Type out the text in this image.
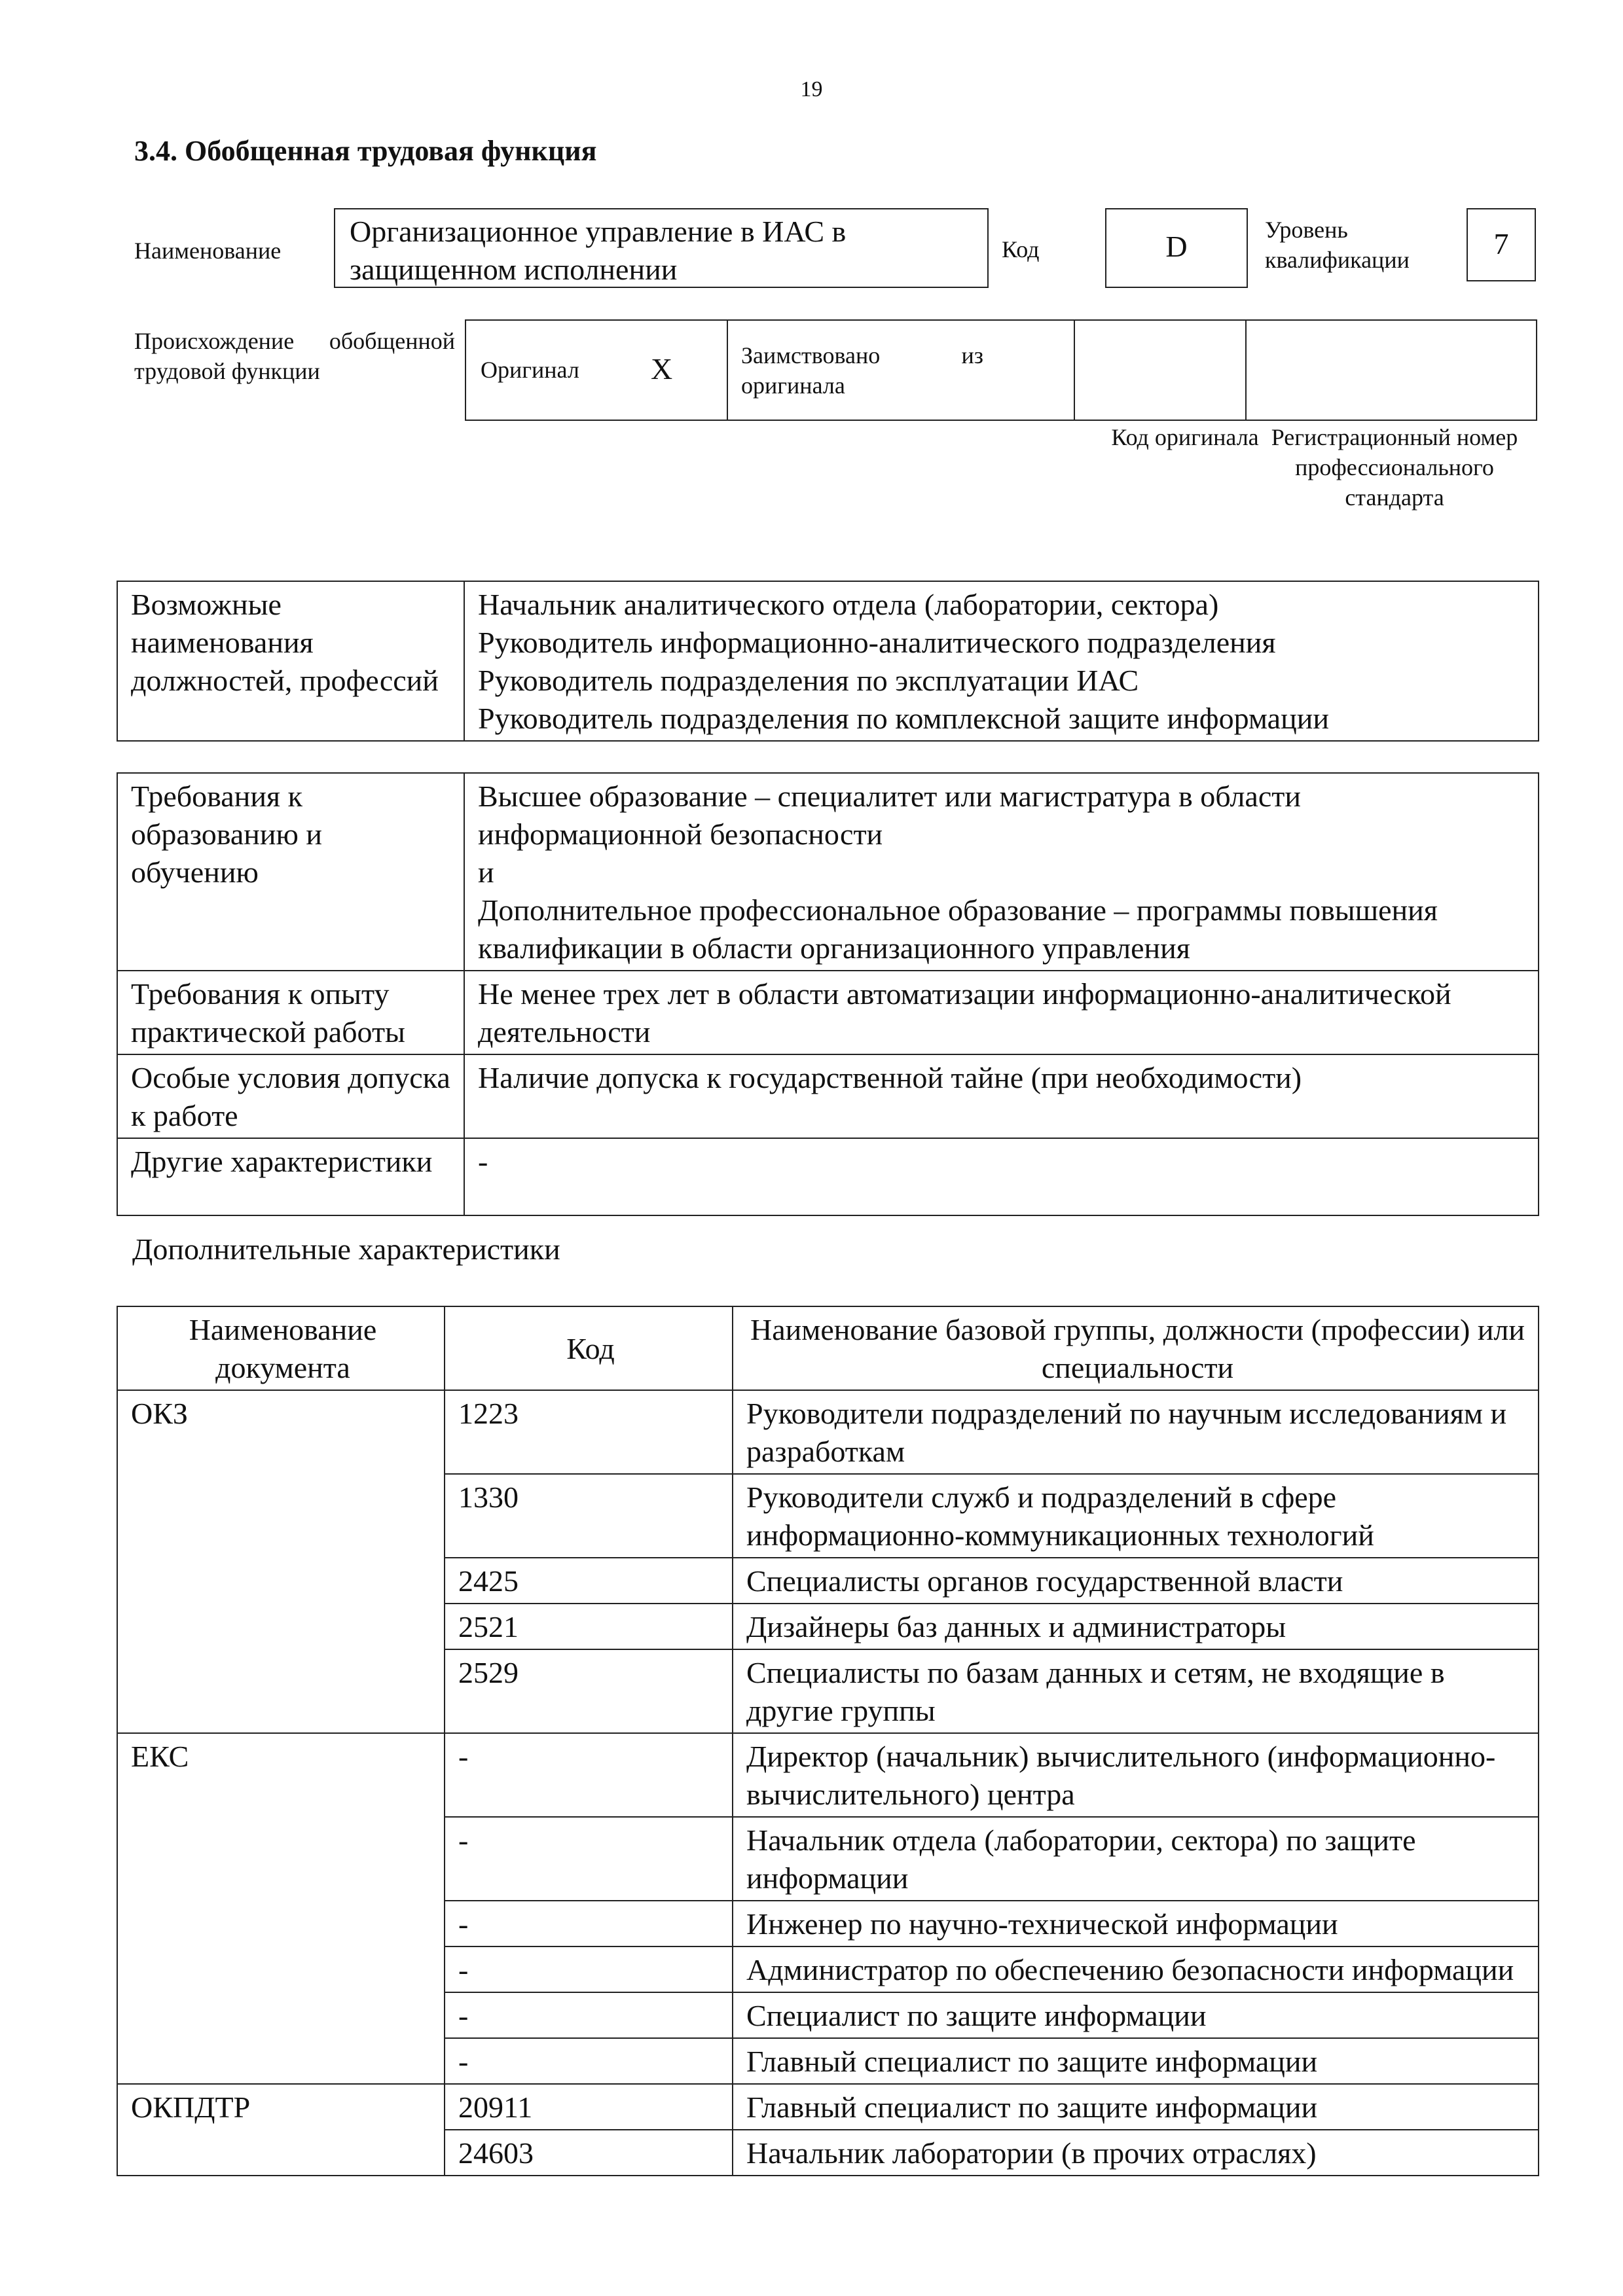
19
3.4. Обобщенная трудовая функция
Наименование
Организационное управление в ИАС в защищенном исполнении
Код	D	Уровень квалификации	7
Происхождение обобщенной трудовой функции	Оригинал X	Заимствовано из оригинала
Код оригинала Регистрационный номер профессионального стандарта
Возможные наименования должностей, профессий	
Начальник аналитического отдела (лаборатории, сектора)
Руководитель информационно-аналитического подразделения
Руководитель подразделения по эксплуатации ИАС
Руководитель подразделения по комплексной защите информации
Требования к образованию и обучению	Высшее образование – специалитет или магистратура в области информационной безопасности
и
Дополнительное профессиональное образование – программы повышения квалификации в области организационного управления
Требования к опыту практической работы	Не менее трех лет в области автоматизации информационно-аналитической деятельности
Особые условия допуска к работе	Наличие допуска к государственной тайне (при необходимости)
Другие характеристики	-
Дополнительные характеристики
Наименование документа	Код	Наименование базовой группы, должности (профессии) или специальности
ОКЗ	1223	Руководители подразделений по научным исследованиям и разработкам
	1330	Руководители служб и подразделений в сфере информационно-коммуникационных технологий
	2425	Специалисты органов государственной власти
	2521	Дизайнеры баз данных и администраторы
	2529	Специалисты по базам данных и сетям, не входящие в другие группы
ЕКС	-	Директор (начальник) вычислительного (информационно-вычислительного) центра
	-	Начальник отдела (лаборатории, сектора) по защите информации
	-	Инженер по научно-технической информации
	-	Администратор по обеспечению безопасности информации
	-	Специалист по защите информации
	-	Главный специалист по защите информации
ОКПДТР	20911	Главный специалист по защите информации
	24603	Начальник лаборатории (в прочих отраслях)
